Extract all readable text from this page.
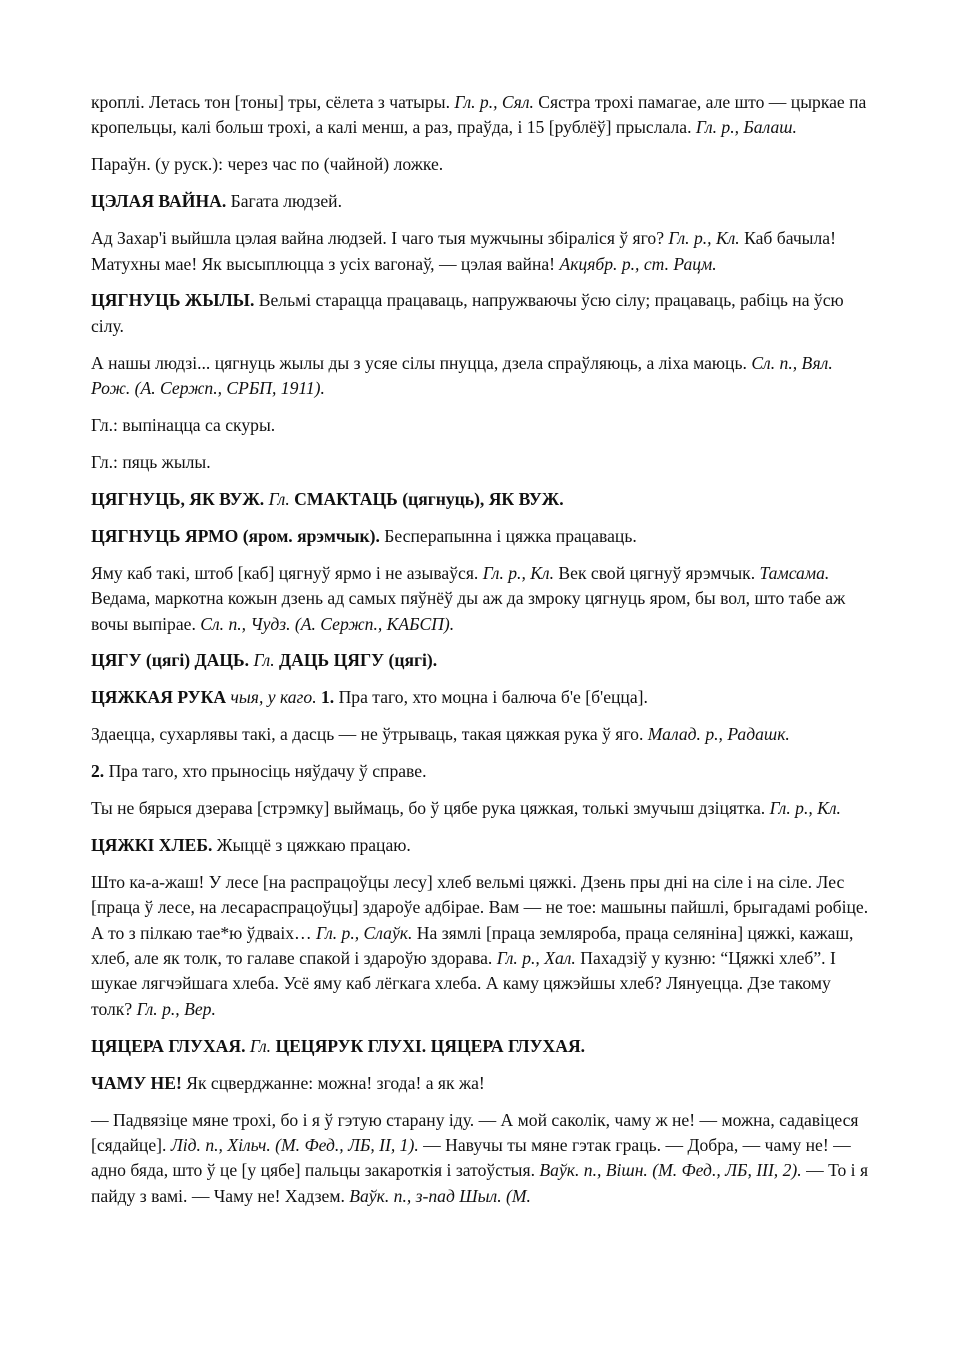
кроплі. Летась тон [тоны] тры, сёлета з чатыры. Гл. р., Сял. Сястра трохі памагае, але што — цыркае па кропельцы, калі больш трохі, а калі менш, а раз, праўда, і 15 [рублёў] прыслала. Гл. р., Балаш.

Параўн. (у руск.): через час по (чайной) ложке.

ЦЭЛАЯ ВАЙНА. Багата людзей.

Ад Захар'і выйшла цэлая вайна людзей. І чаго тыя мужчыны збіраліся ў яго? Гл. р., Кл. Каб бачыла! Матухны мае! Як высыплюцца з усіх вагонаў, — цэлая вайна! Акцябр. р., ст. Рацм.

ЦЯГНУЦЬ ЖЫЛЫ. Вельмі старацца працаваць, напружваючы ўсю сілу; працаваць, рабіць на ўсю сілу.

А нашы людзі... цягнуць жылы ды з усяе сілы пнуцца, дзела спраўляюць, а ліха маюць. Сл. п., Вял. Рож. (А. Сержп., СРБП, 1911).

Гл.: выпінацца са скуры.

Гл.: пяць жылы.

ЦЯГНУЦЬ, ЯК ВУЖ. Гл. СМАКТАЦЬ (цягнуць), ЯК ВУЖ.

ЦЯГНУЦЬ ЯРМО (яром. ярэмчык). Бесперапынна і цяжка працаваць.

Яму каб такі, штоб [каб] цягнуў ярмо і не азываўся. Гл. р., Кл. Век свой цягнуў ярэмчык. Тамсама. Ведама, маркотна кожын дзень ад самых пяўнёў ды аж да змроку цягнуць яром, бы вол, што табе аж вочы выпірае. Сл. п., Чудз. (А. Сержп., КАБСП).

ЦЯГУ (цягі) ДАЦЬ. Гл. ДАЦЬ ЦЯГУ (цягі).

ЦЯЖКАЯ РУКА чыя, у каго. 1. Пра таго, хто моцна і балюча б'е [б'ецца].

Здаецца, сухарлявы такі, а дасць — не ўтрываць, такая цяжкая рука ў яго. Малад. р., Радашк.

2. Пра таго, хто прыносіць няўдачу ў справе.

Ты не бярыся дзерава [стрэмку] выймаць, бо ў цябе рука цяжкая, толькі змучыш дзіцятка. Гл. р., Кл.

ЦЯЖКІ ХЛЕБ. Жыццё з цяжкаю працаю.

Што ка-а-жаш! У лесе [на распрацоўцы лесу] хлеб вельмі цяжкі. Дзень пры дні на сіле і на сіле. Лес [праца ў лесе, на лесараспрацоўцы] здароўе адбірае. Вам — не тое: машыны пайшлі, брыгадамі робіце. А то з пілкаю тае*ю ўдваіх… Гл. р., Слаўк. На зямлі [праца земляроба, праца селяніна] цяжкі, кажаш, хлеб, але як толк, то галаве спакой і здароўю здорава. Гл. р., Хал. Пахадзіў у кузню: “Цяжкі хлеб”. І шукае лягчэйшага хлеба. Усё яму каб лёгкага хлеба. А каму цяжэйшы хлеб? Лянуецца. Дзе такому толк? Гл. р., Вер.

ЦЯЦЕРА ГЛУХАЯ. Гл. ЦЕЦЯРУК ГЛУХІ. ЦЯЦЕРА ГЛУХАЯ.

ЧАМУ НЕ! Як сцверджанне: можна! згода! а як жа!

— Падвязіце мяне трохі, бо і я ў гэтую старану іду. — А мой саколік, чаму ж не! — можна, садавіцеся [сядайце]. Лід. п., Хільч. (М. Фед., ЛБ, ІІ, 1). — Навучы ты мяне гэтак граць. — Добра, — чаму не! — адно бяда, што ў це [у цябе] пальцы закароткія і затоўстыя. Ваўк. п., Вішн. (М. Фед., ЛБ, ІІІ, 2). — То і я пайду з вамі. — Чаму не! Хадзем. Ваўк. п., з-пад Шыл. (М.
